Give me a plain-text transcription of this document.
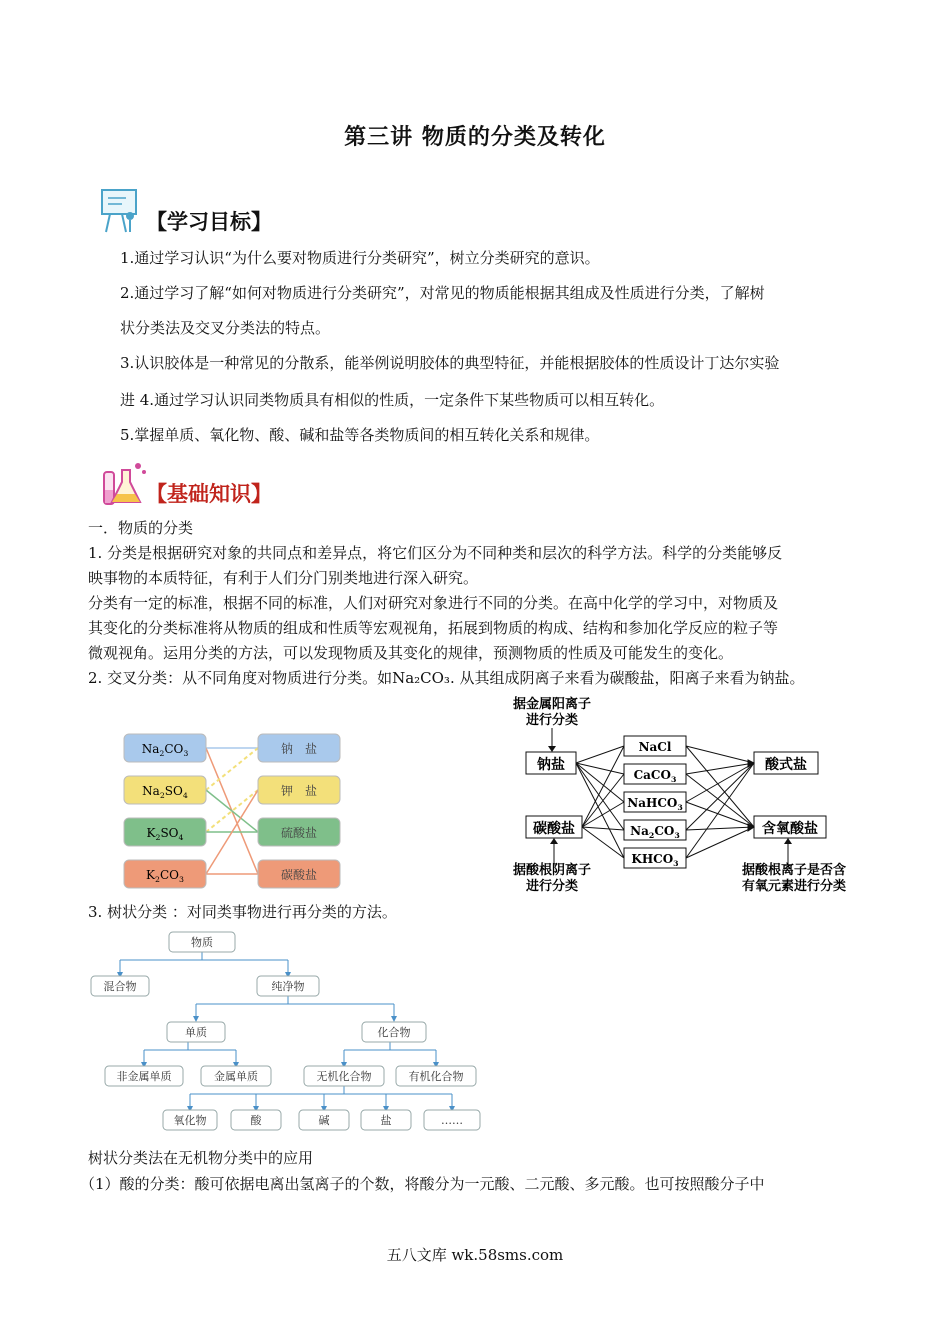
第三讲 物质的分类及转化
【学习目标】
1.通过学习认识“为什么要对物质进行分类研究”，树立分类研究的意识。
2.通过学习了解“如何对物质进行分类研究”，对常见的物质能根据其组成及性质进行分类，了解树
状分类法及交叉分类法的特点。
3.认识胶体是一种常见的分散系，能举例说明胶体的典型特征，并能根据胶体的性质设计丁达尔实验
进 4.通过学习认识同类物质具有相似的性质，一定条件下某些物质可以相互转化。
5.掌握单质、氧化物、酸、碱和盐等各类物质间的相互转化关系和规律。
【基础知识】
一．物质的分类
1. 分类是根据研究对象的共同点和差异点，将它们区分为不同种类和层次的科学方法。科学的分类能够反
映事物的本质特征，有利于人们分门别类地进行深入研究。
分类有一定的标准，根据不同的标准，人们对研究对象进行不同的分类。在高中化学的学习中，对物质及
其变化的分类标准将从物质的组成和性质等宏观视角，拓展到物质的构成、结构和参加化学反应的粒子等
微观视角。运用分类的方法，可以发现物质及其变化的规律，预测物质的性质及可能发生的变化。
2. 交叉分类：从不同角度对物质进行分类。如Na₂CO₃. 从其组成阴离子来看为碳酸盐，阳离子来看为钠盐。
$Na_2CO_3$
$Na_2SO_4$
$K_2SO_4$
$K_2CO_3$
钠　盐
钾　盐
硫酸盐
碳酸盐
据金属阳离子
进行分类
钠盐
碳酸盐
据酸根阴离子
进行分类
NaCl
CaCO$_3$
NaHCO$_3$
$Na_2CO_3$
$KHCO_3$
酸式盐
含氧酸盐
据酸根离子是否含
有氧元素进行分类
3. 树状分类 ：对同类事物进行再分类的方法。
物质
混合物	纯净物
单质	化合物
非金属单质	金属单质	无机化合物	有机化合物
氧化物	酸	碱	盐	……
树状分类法在无机物分类中的应用
（1）酸的分类：酸可依据电离出氢离子的个数，将酸分为一元酸、二元酸、多元酸。也可按照酸分子中
五八文库 wk.58sms.com
